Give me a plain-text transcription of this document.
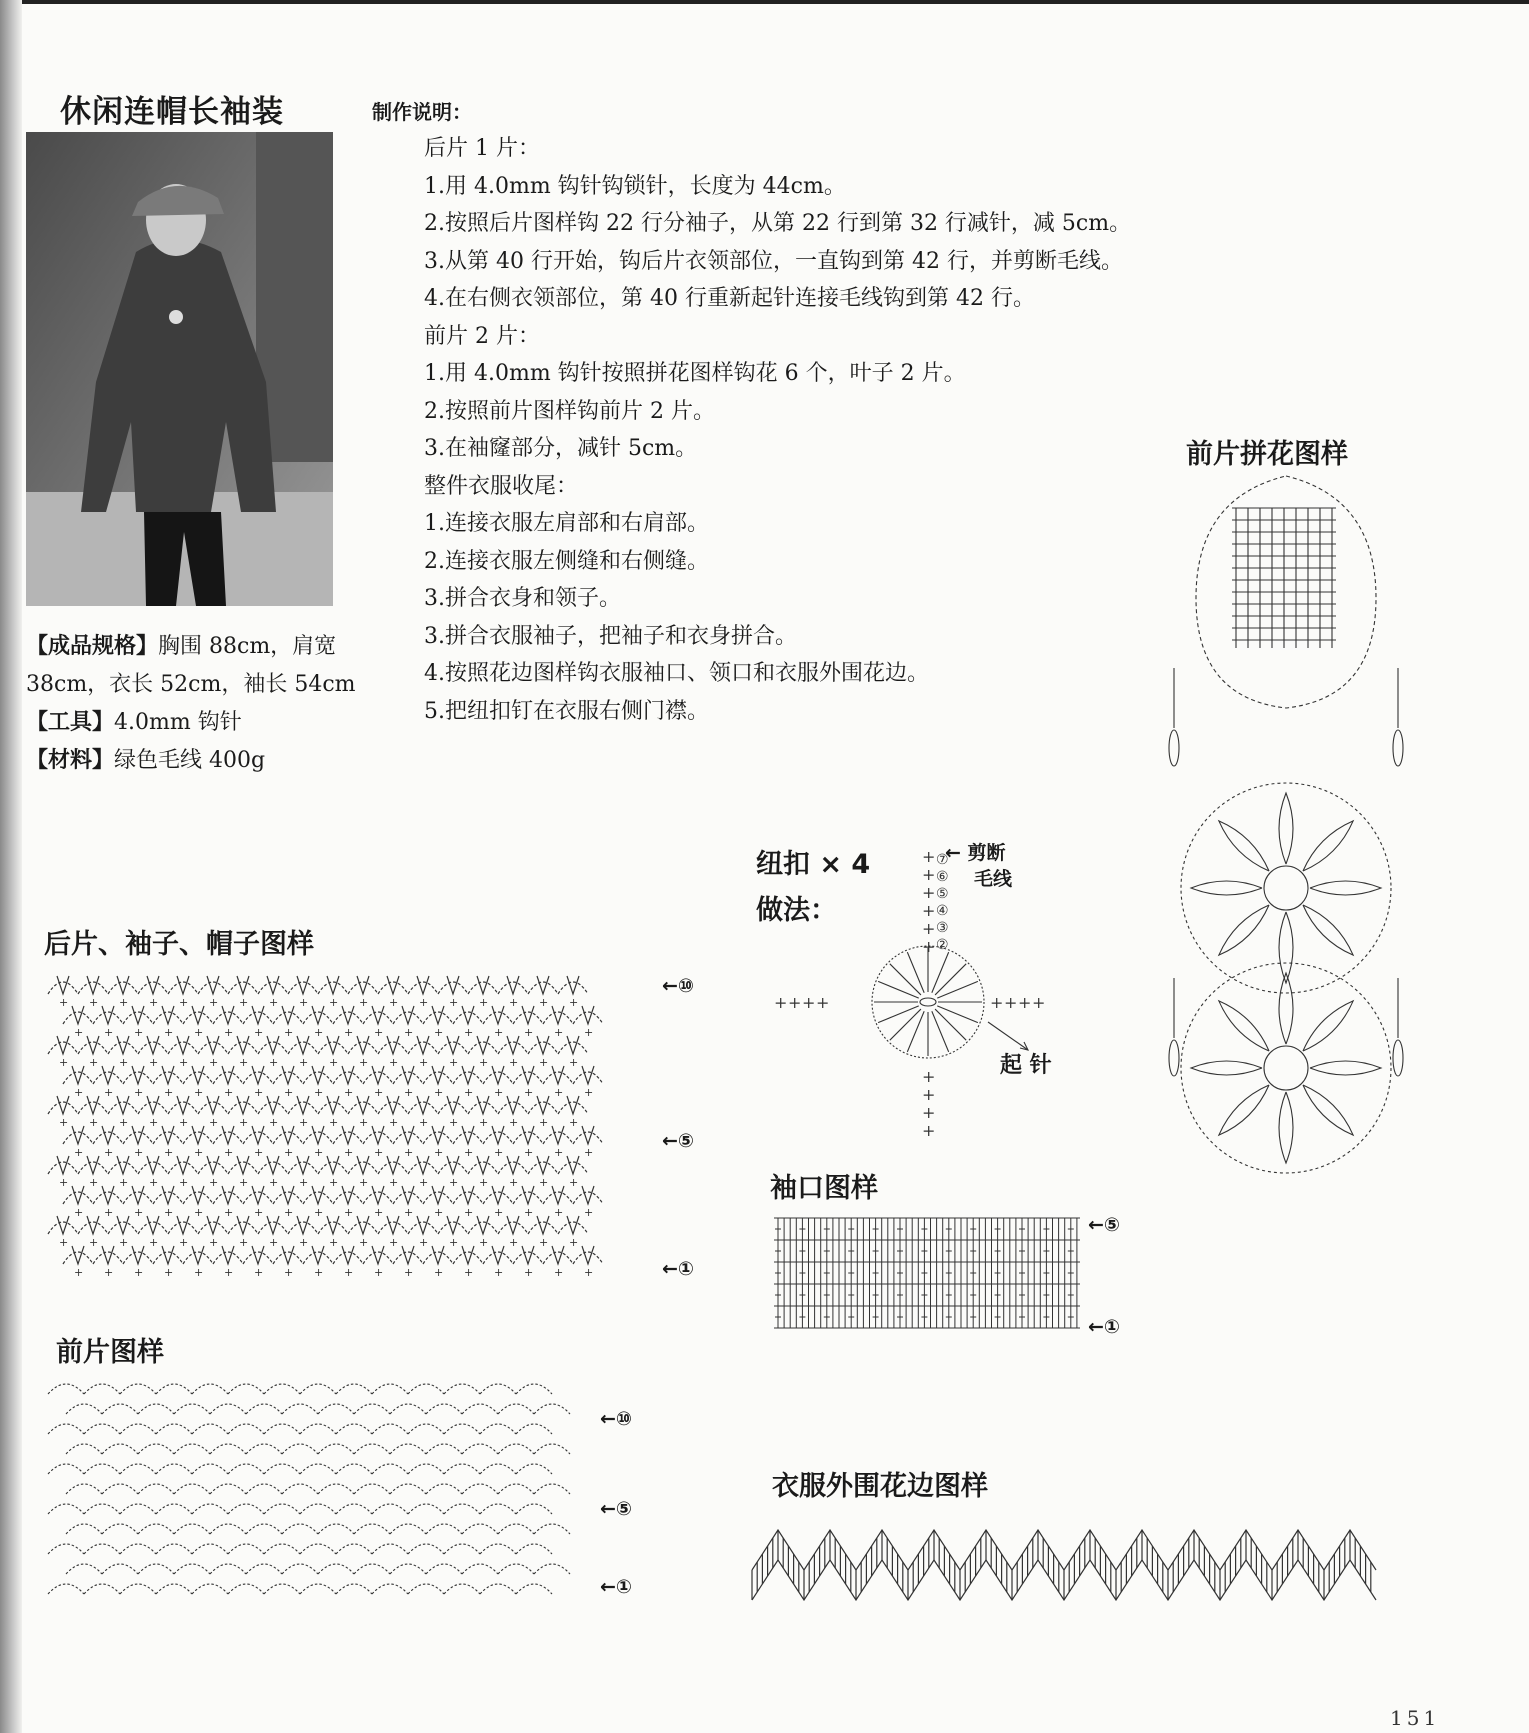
休闲连帽长袖装
【成品规格】胸围 88cm，肩宽
38cm，衣长 52cm，袖长 54cm
【工具】4.0mm 钩针
【材料】绿色毛线 400g
制作说明：
后片 1 片：
1.用 4.0mm 钩针钩锁针，长度为 44cm。
2.按照后片图样钩 22 行分袖子，从第 22 行到第 32 行减针，减 5cm。
3.从第 40 行开始，钩后片衣领部位，一直钩到第 42 行，并剪断毛线。
4.在右侧衣领部位，第 40 行重新起针连接毛线钩到第 42 行。
前片 2 片：
1.用 4.0mm 钩针按照拼花图样钩花 6 个，叶子 2 片。
2.按照前片图样钩前片 2 片。
3.在袖窿部分，减针 5cm。
整件衣服收尾：
1.连接衣服左肩部和右肩部。
2.连接衣服左侧缝和右侧缝。
3.拼合衣身和领子。
3.拼合衣服袖子，把袖子和衣身拼合。
4.按照花边图样钩衣服袖口、领口和衣服外围花边。
5.把纽扣钉在衣服右侧门襟。
后片、袖子、帽子图样
+ + + + + + + + + + + + + + + + + +
+ + + + + + + + + + + + + + + + + +
+ + + + + + + + + + + + + + + + + +
+ + + + + + + + + + + + + + + + + +
+ + + + + + + + + + + + + + + + + +
+ + + + + + + + + + + + + + + + + +
+ + + + + + + + + + + + + + + + + +
+ + + + + + + + + + + + + + + + + +
+ + + + + + + + + + + + + + + + + +
+ + + + + + + + + + + + + + + + + +
←⑩
←⑤
←①
前片图样
←⑩
←⑤
←①
前片拼花图样
纽扣 × 4
做法：
+	+
+	+
+	+
+	+
+
+
+
+
+
+
+
+
+
+
⑦
⑥
⑤
④
③
②
← 剪断
毛线
起 针
袖口图样
←⑤
←①
衣服外围花边图样
151
